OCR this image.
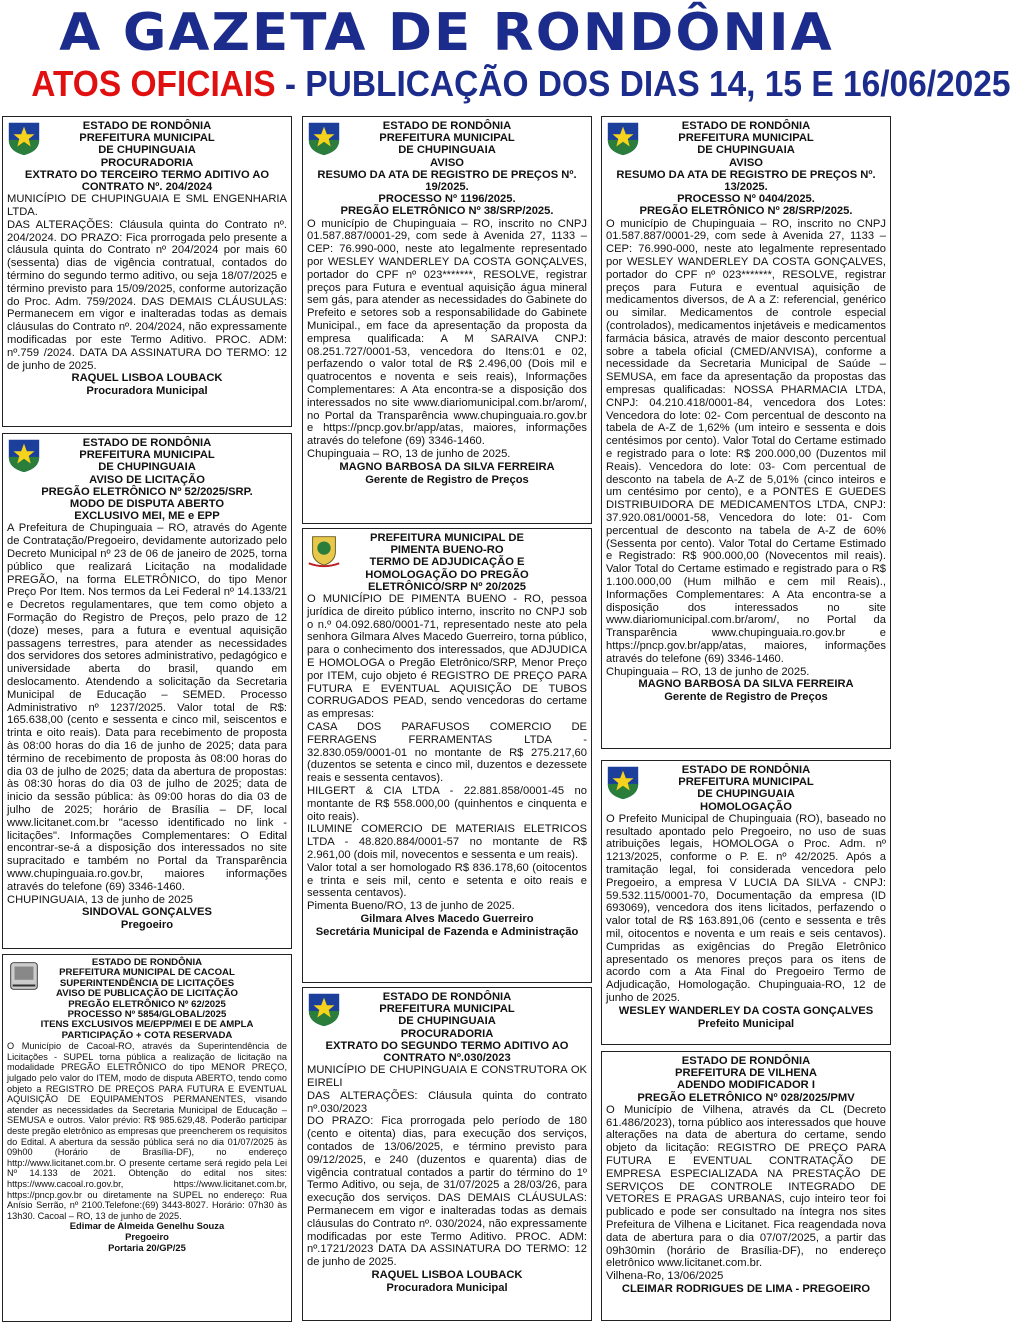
A GAZETA DE RONDÔNIA
ATOS OFICIAIS - PUBLICAÇÃO DOS DIAS 14, 15 E 16/06/2025
ESTADO DE RONDÔNIA
PREFEITURA MUNICIPAL
DE CHUPINGUAIA
PROCURADORIA
EXTRATO DO TERCEIRO TERMO ADITIVO AO CONTRATO Nº. 204/2024
MUNICÍPIO DE CHUPINGUAIA E SML ENGENHARIA LTDA.
DAS ALTERAÇÕES: Cláusula quinta do Contrato nº. 204/2024. DO PRAZO: Fica prorrogada pelo presente a cláusula quinta do Contrato nº 204/2024 por mais 60 (sessenta) dias de vigência contratual, contados do término do segundo termo aditivo, ou seja 18/07/2025 e término previsto para 15/09/2025, conforme autorização do Proc. Adm. 759/2024. DAS DEMAIS CLÁUSULAS: Permanecem em vigor e inalteradas todas as demais cláusulas do Contrato nº. 204/2024, não expressamente modificadas por este Termo Aditivo. PROC. ADM: nº.759 /2024. DATA DA ASSINATURA DO TERMO: 12 de junho de 2025.
RAQUEL LISBOA LOUBACK
Procuradora Municipal
ESTADO DE RONDÔNIA
PREFEITURA MUNICIPAL
DE CHUPINGUAIA
AVISO DE LICITAÇÃO
PREGÃO ELETRÔNICO Nº 52/2025/SRP.
MODO DE DISPUTA ABERTO
EXCLUSIVO MEI, ME e EPP
A Prefeitura de Chupinguaia – RO, através do Agente de Contratação/Pregoeiro, devidamente autorizado pelo Decreto Municipal nº 23 de 06 de janeiro de 2025, torna público que realizará Licitação na modalidade PREGÃO, na forma ELETRÔNICO, do tipo Menor Preço Por Item. Nos termos da Lei Federal nº 14.133/21 e Decretos regulamentares, que tem como objeto a Formação do Registro de Preços, pelo prazo de 12 (doze) meses, para a futura e eventual aquisição passagens terrestres, para atender as necessidades dos servidores dos setores administrativo, pedagógico e universidade aberta do brasil, quando em deslocamento. Atendendo a solicitação da Secretaria Municipal de Educação – SEMED. Processo Administrativo nº 1237/2025. Valor total de R$: 165.638,00 (cento e sessenta e cinco mil, seiscentos e trinta e oito reais). Data para recebimento de proposta às 08:00 horas do dia 16 de junho de 2025; data para término de recebimento de proposta às 08:00 horas do dia 03 de julho de 2025; data da abertura de propostas: às 08:30 horas do dia 03 de julho de 2025; data de inicio da sessão pública: às 09:00 horas do dia 03 de julho de 2025; horário de Brasília – DF, local www.licitanet.com.br "acesso identificado no link - licitações". Informações Complementares: O Edital encontrar-se-á a disposição dos interessados no site supracitado e também no Portal da Transparência www.chupinguaia.ro.gov.br, maiores informações através do telefone (69) 3346-1460.
CHUPINGUAIA, 13 de junho de 2025
SINDOVAL GONÇALVES
Pregoeiro
ESTADO DE RONDÔNIA
PREFEITURA MUNICIPAL DE CACOAL
SUPERINTENDÊNCIA DE LICITAÇÕES
AVISO DE PUBLICAÇÃO DE LICITAÇÃO
PREGÃO ELETRÔNICO Nº 62/2025
PROCESSO Nº 5854/GLOBAL/2025
ITENS EXCLUSIVOS ME/EPP/MEI E DE AMPLA PARTICIPAÇÃO + COTA RESERVADA
O Município de Cacoal-RO, através da Superintendência de Licitações - SUPEL torna pública a realização de licitação na modalidade PREGÃO ELETRÔNICO do tipo MENOR PREÇO, julgado pelo valor do ITEM, modo de disputa ABERTO, tendo como objeto a REGISTRO DE PREÇOS PARA FUTURA E EVENTUAL AQUISIÇÃO DE EQUIPAMENTOS PERMANENTES, visando atender as necessidades da Secretaria Municipal de Educação – SEMUSA e outros. Valor prévio: R$ 985.629,48. Poderão participar deste pregão eletrônico as empresas que preencherem os requisitos do Edital. A abertura da sessão pública será no dia 01/07/2025 às 09h00 (Horário de Brasília-DF), no endereço http://www.licitanet.com.br. O presente certame será regido pela Lei Nº 14.133 de 2021. Obtenção do edital nos sites: https://www.cacoal.ro.gov.br, https://www.licitanet.com.br, https://pncp.gov.br ou diretamente na SUPEL no endereço: Rua Anísio Serrão, nº 2100.Telefone:(69) 3443-8027. Horário: 07h30 às 13h30. Cacoal – RO, 13 de junho de 2025.
Edimar de Almeida Genelhu Souza
Pregoeiro
Portaria 20/GP/25
ESTADO DE RONDÔNIA
PREFEITURA MUNICIPAL
DE CHUPINGUAIA
AVISO
RESUMO DA ATA DE REGISTRO DE PREÇOS Nº. 19/2025.
PROCESSO Nº 1196/2025.
PREGÃO ELETRÔNICO Nº 38/SRP/2025.
O município de Chupinguaia – RO, inscrito no CNPJ 01.587.887/0001-29, com sede à Avenida 27, 1133 – CEP: 76.990-000, neste ato legalmente representado por WESLEY WANDERLEY DA COSTA GONÇALVES, portador do CPF nº 023*******, RESOLVE, registrar preços para Futura e eventual aquisição água mineral sem gás, para atender as necessidades do Gabinete do Prefeito e setores sob a responsabilidade do Gabinete Municipal., em face da apresentação da proposta da empresa qualificada: A M SARAIVA CNPJ: 08.251.727/0001-53, vencedora do Itens:01 e 02, perfazendo o valor total de R$ 2.496,00 (Dois mil e quatrocentos e noventa e seis reais), Informações Complementares: A Ata encontra-se a disposição dos interessados no site www.diariomunicipal.com.br/arom/, no Portal da Transparência www.chupinguaia.ro.gov.br e https://pncp.gov.br/app/atas, maiores, informações através do telefone (69) 3346-1460.
Chupinguaia – RO, 13 de junho de 2025.
MAGNO BARBOSA DA SILVA FERREIRA
Gerente de Registro de Preços
PREFEITURA MUNICIPAL DE
PIMENTA BUENO-RO
TERMO DE ADJUDICAÇÃO E
HOMOLOGAÇÃO DO PREGÃO
ELETRÔNICO/SRP Nº 20/2025
O MUNICÍPIO DE PIMENTA BUENO - RO, pessoa jurídica de direito público interno, inscrito no CNPJ sob o n.º 04.092.680/0001-71, representado neste ato pela senhora Gilmara Alves Macedo Guerreiro, torna público, para o conhecimento dos interessados, que ADJUDICA E HOMOLOGA o Pregão Eletrônico/SRP, Menor Preço por ITEM, cujo objeto é REGISTRO DE PREÇO PARA FUTURA E EVENTUAL AQUISIÇÃO DE TUBOS CORRUGADOS PEAD, sendo vencedoras do certame as empresas:
CASA DOS PARAFUSOS COMERCIO DE FERRAGENS FERRAMENTAS LTDA - 32.830.059/0001-01 no montante de R$ 275.217,60 (duzentos se setenta e cinco mil, duzentos e dezessete reais e sessenta centavos).
HILGERT & CIA LTDA - 22.881.858/0001-45 no montante de R$ 558.000,00 (quinhentos e cinquenta e oito reais).
ILUMINE COMERCIO DE MATERIAIS ELETRICOS LTDA - 48.820.884/0001-57 no montante de R$ 2.961,00 (dois mil, novecentos e sessenta e um reais).
Valor total a ser homologado R$ 836.178,60 (oitocentos e trinta e seis mil, cento e setenta e oito reais e sessenta centavos).
Pimenta Bueno/RO, 13 de junho de 2025.
Gilmara Alves Macedo Guerreiro
Secretária Municipal de Fazenda e Administração
ESTADO DE RONDÔNIA
PREFEITURA MUNICIPAL
DE CHUPINGUAIA
PROCURADORIA
EXTRATO DO SEGUNDO TERMO ADITIVO AO CONTRATO Nº.030/2023
MUNICÍPIO DE CHUPINGUAIA E CONSTRUTORA OK EIRELI
DAS ALTERAÇÕES: Cláusula quinta do contrato nº.030/2023
DO PRAZO: Fica prorrogada pelo período de 180 (cento e oitenta) dias, para execução dos serviços, contados de 13/06/2025, e término previsto para 09/12/2025, e 240 (duzentos e quarenta) dias de vigência contratual contados a partir do término do 1º Termo Aditivo, ou seja, de 31/07/2025 a 28/03/26, para execução dos serviços. DAS DEMAIS CLÁUSULAS: Permanecem em vigor e inalteradas todas as demais cláusulas do Contrato nº. 030/2024, não expressamente modificadas por este Termo Aditivo. PROC. ADM: nº.1721/2023 DATA DA ASSINATURA DO TERMO: 12 de junho de 2025.
RAQUEL LISBOA LOUBACK
Procuradora Municipal
ESTADO DE RONDÔNIA
PREFEITURA MUNICIPAL
DE CHUPINGUAIA
AVISO
RESUMO DA ATA DE REGISTRO DE PREÇOS Nº. 13/2025.
PROCESSO Nº 0404/2025.
PREGÃO ELETRÔNICO Nº 28/SRP/2025.
O município de Chupinguaia – RO, inscrito no CNPJ 01.587.887/0001-29, com sede à Avenida 27, 1133 – CEP: 76.990-000, neste ato legalmente representado por WESLEY WANDERLEY DA COSTA GONÇALVES, portador do CPF nº 023*******, RESOLVE, registrar preços para Futura e eventual aquisição de medicamentos diversos, de A a Z: referencial, genérico ou similar. Medicamentos de controle especial (controlados), medicamentos injetáveis e medicamentos farmácia básica, através de maior desconto percentual sobre a tabela oficial (CMED/ANVISA), conforme a necessidade da Secretaria Municipal de Saúde – SEMUSA, em face da apresentação da propostas das empresas qualificadas: NOSSA PHARMACIA LTDA, CNPJ: 04.210.418/0001-84, vencedora dos Lotes: Vencedora do lote: 02- Com percentual de desconto na tabela de A-Z de 1,62% (um inteiro e sessenta e dois centésimos por cento). Valor Total do Certame estimado e registrado para o lote: R$ 200.000,00 (Duzentos mil Reais). Vencedora do lote: 03- Com percentual de desconto na tabela de A-Z de 5,01% (cinco inteiros e um centésimo por cento), e a PONTES E GUEDES DISTRIBUIDORA DE MEDICAMENTOS LTDA, CNPJ: 37.920.081/0001-58, Vencedora do lote: 01- Com percentual de desconto na tabela de A-Z de 60% (Sessenta por cento). Valor Total do Certame Estimado e Registrado: R$ 900.000,00 (Novecentos mil reais). Valor Total do Certame estimado e registrado para o R$ 1.100.000,00 (Hum milhão e cem mil Reais)., Informações Complementares: A Ata encontra-se a disposição dos interessados no site www.diariomunicipal.com.br/arom/, no Portal da Transparência www.chupinguaia.ro.gov.br e https://pncp.gov.br/app/atas, maiores, informações através do telefone (69) 3346-1460.
Chupinguaia – RO, 13 de junho de 2025.
MAGNO BARBOSA DA SILVA FERREIRA
Gerente de Registro de Preços
ESTADO DE RONDÔNIA
PREFEITURA MUNICIPAL
DE CHUPINGUAIA
HOMOLOGAÇÃO
O Prefeito Municipal de Chupinguaia (RO), baseado no resultado apontado pelo Pregoeiro, no uso de suas atribuições legais, HOMOLOGA o Proc. Adm. nº 1213/2025, conforme o P. E. nº 42/2025. Após a tramitação legal, foi considerada vencedora pelo Pregoeiro, a empresa V LUCIA DA SILVA - CNPJ: 59.532.115/0001-70, Documentação da empresa (ID 693069), vencedora dos itens licitados, perfazendo o valor total de R$ 163.891,06 (cento e sessenta e três mil, oitocentos e noventa e um reais e seis centavos). Cumpridas as exigências do Pregão Eletrônico apresentado os menores preços para os itens de acordo com a Ata Final do Pregoeiro Termo de Adjudicação, Homologação. Chupinguaia-RO, 12 de junho de 2025.
WESLEY WANDERLEY DA COSTA GONÇALVES
Prefeito Municipal
ESTADO DE RONDÔNIA
PREFEITURA DE VILHENA
ADENDO MODIFICADOR I
PREGÃO ELETRÔNICO Nº 028/2025/PMV
O Município de Vilhena, através da CL (Decreto 61.486/2023), torna público aos interessados que houve alterações na data de abertura do certame, sendo objeto da licitação: REGISTRO DE PREÇO PARA FUTURA E EVENTUAL CONTRATAÇÃO DE EMPRESA ESPECIALIZADA NA PRESTAÇÃO DE SERVIÇOS DE CONTROLE INTEGRADO DE VETORES E PRAGAS URBANAS, cujo inteiro teor foi publicado e pode ser consultado na íntegra nos sites Prefeitura de Vilhena e Licitanet. Fica reagendada nova data de abertura para o dia 07/07/2025, a partir das 09h30min (horário de Brasília-DF), no endereço eletrônico www.licitanet.com.br.
Vilhena-Ro, 13/06/2025
CLEIMAR RODRIGUES DE LIMA - PREGOEIRO
